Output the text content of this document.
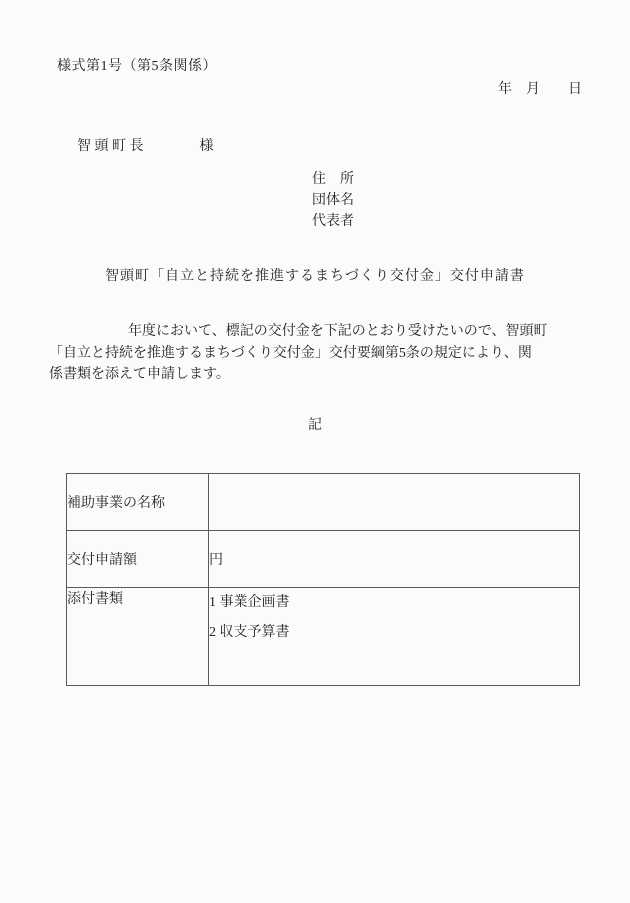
様式第1号（第5条関係）
年　月　　日
智 頭 町 長　　　　様
住　所
団体名
代表者
智頭町「自立と持続を推進するまちづくり交付金」交付申請書
年度において、標記の交付金を下記のとおり受けたいので、智頭町
「自立と持続を推進するまちづくり交付金」交付要綱第5条の規定により、関
係書類を添えて申請します。
記
補助事業の名称	
交付申請額	円
添付書類	1 事業企画書
2 収支予算書
